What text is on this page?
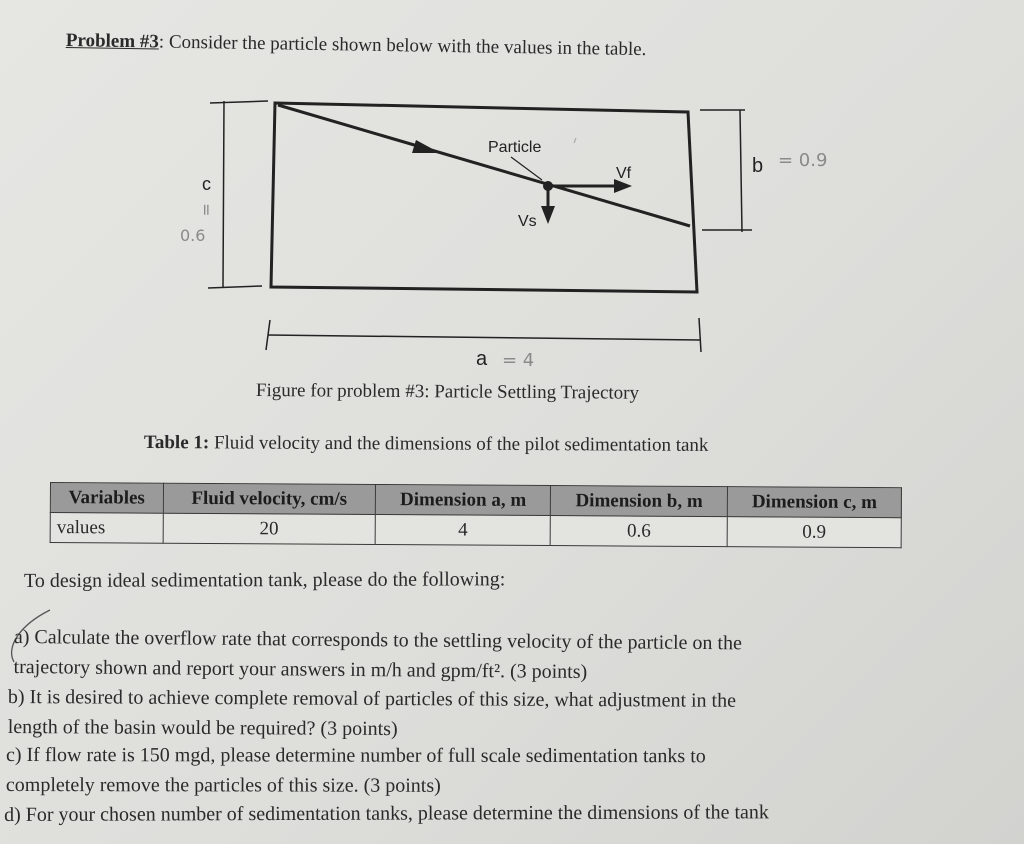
Problem #3: Consider the particle shown below with the values in the table.
Particle
Vf
Vs
c
b
a
=
0.6
= 0.9
= 4
Figure for problem #3: Particle Settling Trajectory
Table 1: Fluid velocity and the dimensions of the pilot sedimentation tank
Variables	Fluid velocity, cm/s	Dimension a, m	Dimension b, m	Dimension c, m
values	20	4	0.6	0.9
To design ideal sedimentation tank, please do the following:
a) Calculate the overflow rate that corresponds to the settling velocity of the particle on the
trajectory shown and report your answers in m/h and gpm/ft². (3 points)
b) It is desired to achieve complete removal of particles of this size, what adjustment in the
length of the basin would be required? (3 points)
c) If flow rate is 150 mgd, please determine number of full scale sedimentation tanks to
completely remove the particles of this size. (3 points)
d) For your chosen number of sedimentation tanks, please determine the dimensions of the tank
